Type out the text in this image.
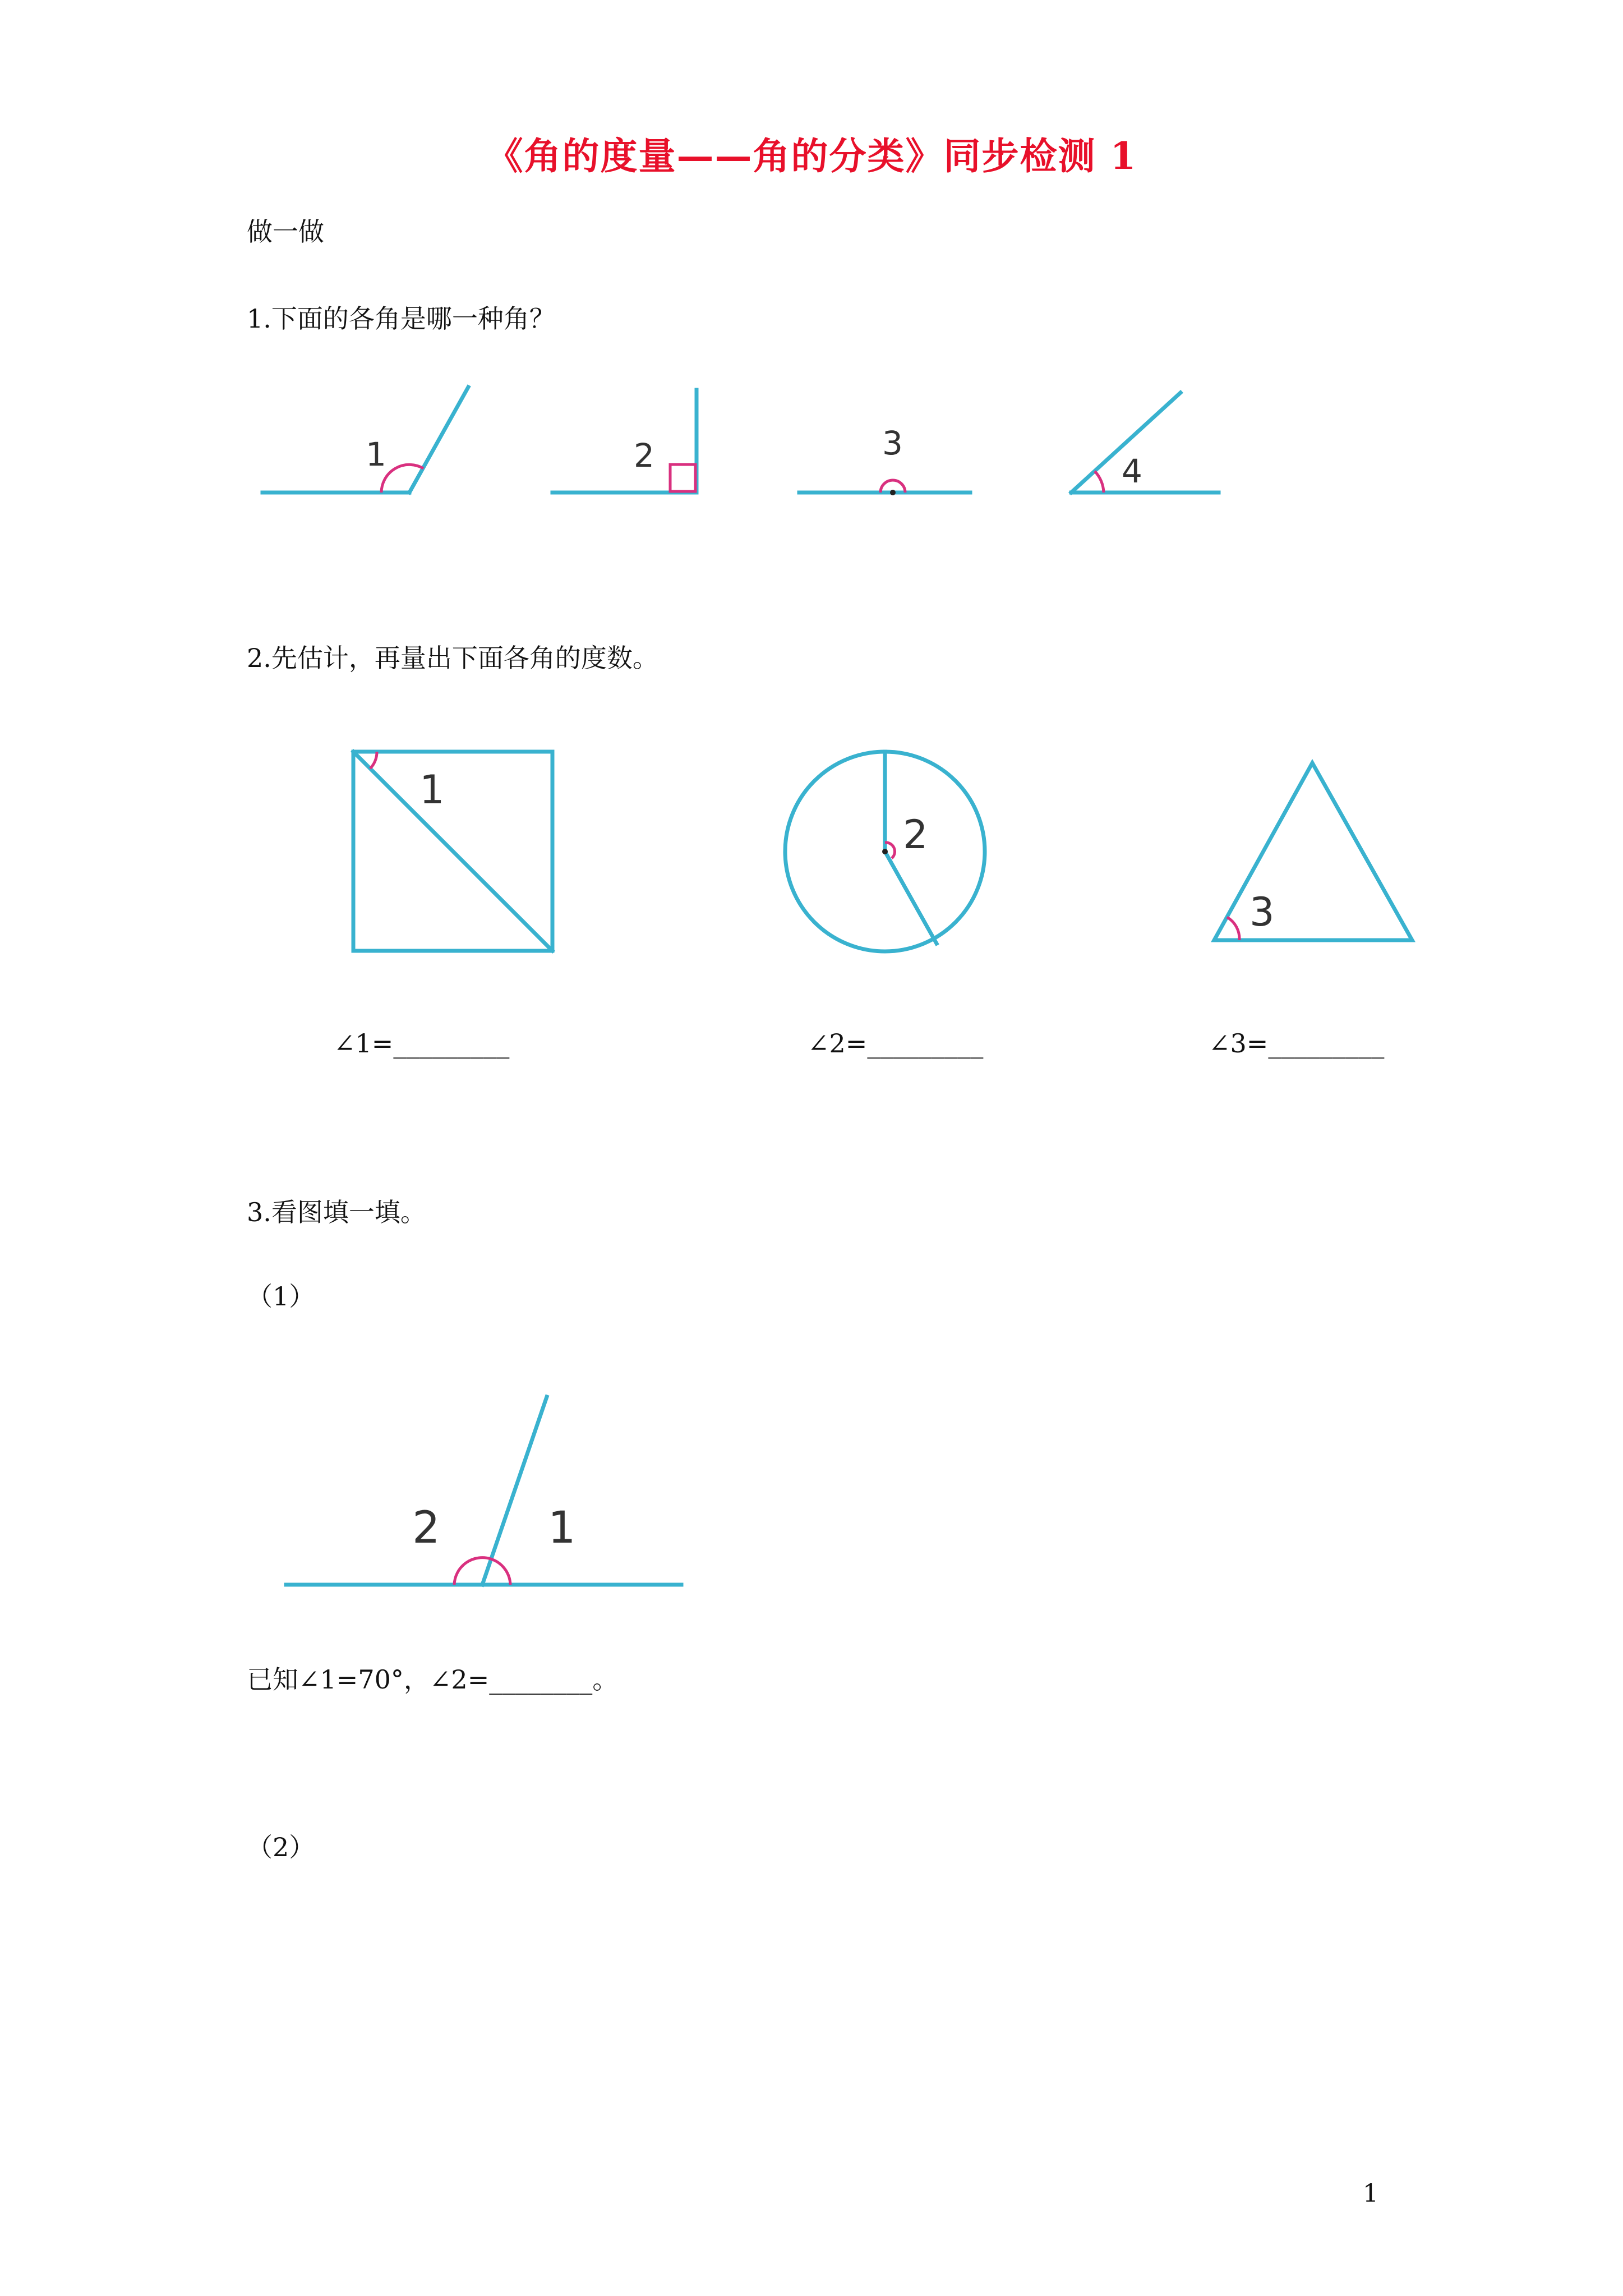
《角的度量——角的分类》同步检测 1
做一做
1.下面的各角是哪一种角？
1	2	3
4
2.先估计，再量出下面各角的度数。
1
2
3
∠1=_________	∠2=_________	∠3=_________
3.看图填一填。
（1）
2 1
已知∠1=70°，∠2=________。
（2）
1
